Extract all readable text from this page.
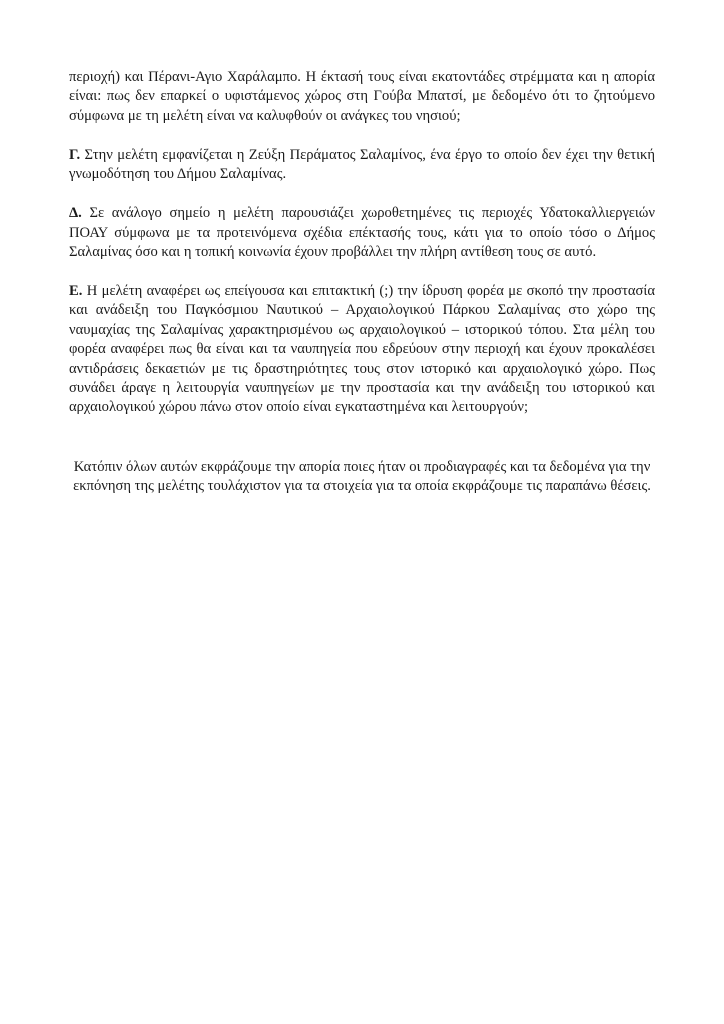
περιοχή) και Πέρανι-Αγιο Χαράλαμπο. Η έκτασή τους είναι εκατοντάδες στρέμματα και η απορία είναι: πως δεν επαρκεί ο υφιστάμενος χώρος στη Γούβα Μπατσί, με δεδομένο ότι το ζητούμενο σύμφωνα με τη μελέτη είναι να καλυφθούν οι ανάγκες του νησιού;

Γ. Στην μελέτη εμφανίζεται η Ζεύξη Περάματος Σαλαμίνος, ένα έργο το οποίο δεν έχει την θετική γνωμοδότηση του Δήμου Σαλαμίνας.

Δ. Σε ανάλογο σημείο η μελέτη παρουσιάζει χωροθετημένες τις περιοχές Υδατοκαλλιεργειών ΠΟΑΥ σύμφωνα με τα προτεινόμενα σχέδια επέκτασής τους, κάτι για το οποίο τόσο ο Δήμος Σαλαμίνας όσο και η τοπική κοινωνία έχουν προβάλλει την πλήρη αντίθεση τους σε αυτό.

Ε. Η μελέτη αναφέρει ως επείγουσα και επιτακτική (;) την ίδρυση φορέα με σκοπό την προστασία και ανάδειξη του Παγκόσμιου Ναυτικού – Αρχαιολογικού Πάρκου Σαλαμίνας στο χώρο της ναυμαχίας της Σαλαμίνας χαρακτηρισμένου ως αρχαιολογικού – ιστορικού τόπου. Στα μέλη του φορέα αναφέρει πως θα είναι και τα ναυπηγεία που εδρεύουν στην περιοχή και έχουν προκαλέσει αντιδράσεις δεκαετιών με τις δραστηριότητες τους στον ιστορικό και αρχαιολογικό χώρο. Πως συνάδει άραγε η λειτουργία ναυπηγείων με την προστασία και την ανάδειξη του ιστορικού και αρχαιολογικού χώρου πάνω στον οποίο είναι εγκαταστημένα και λειτουργούν;

Κατόπιν όλων αυτών εκφράζουμε την απορία ποιες ήταν οι προδιαγραφές και τα δεδομένα για την εκπόνηση της μελέτης τουλάχιστον για τα στοιχεία για τα οποία εκφράζουμε τις παραπάνω θέσεις.
